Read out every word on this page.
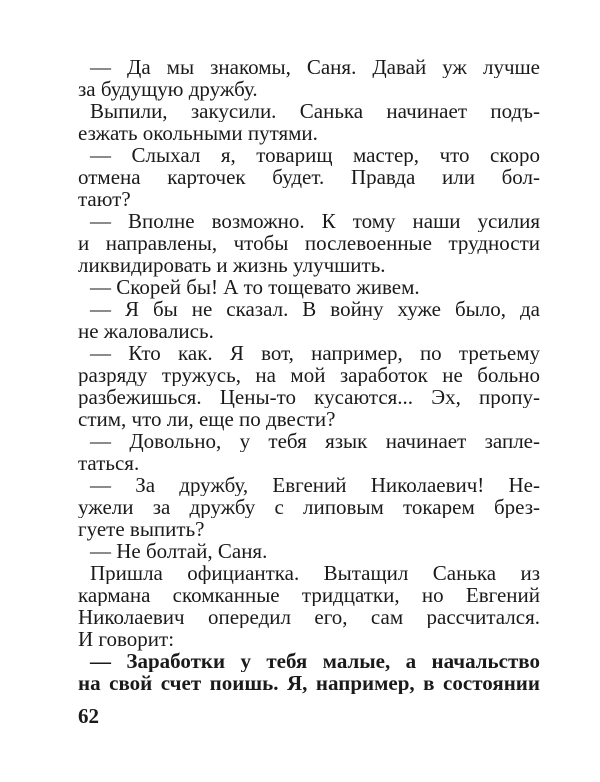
— Да мы знакомы, Саня. Давай уж лучше
за будущую дружбу.
Выпили, закусили. Санька начинает подъ-
езжать окольными путями.
— Слыхал я, товарищ мастер, что скоро
отмена карточек будет. Правда или бол-
тают?
— Вполне возможно. К тому наши усилия
и направлены, чтобы послевоенные трудности
ликвидировать и жизнь улучшить.
— Скорей бы! А то тощевато живем.
— Я бы не сказал. В войну хуже было, да
не жаловались.
— Кто как. Я вот, например, по третьему
разряду тружусь, на мой заработок не больно
разбежишься. Цены-то кусаются... Эх, пропу-
стим, что ли, еще по двести?
— Довольно, у тебя язык начинает запле-
таться.
— За дружбу, Евгений Николаевич! Не-
ужели за дружбу с липовым токарем брез-
гуете выпить?
— Не болтай, Саня.
Пришла официантка. Вытащил Санька из
кармана скомканные тридцатки, но Евгений
Николаевич опередил его, сам рассчитался.
И говорит:
— Заработки у тебя малые, а начальство
на свой счет поишь. Я, например, в состоянии
62
